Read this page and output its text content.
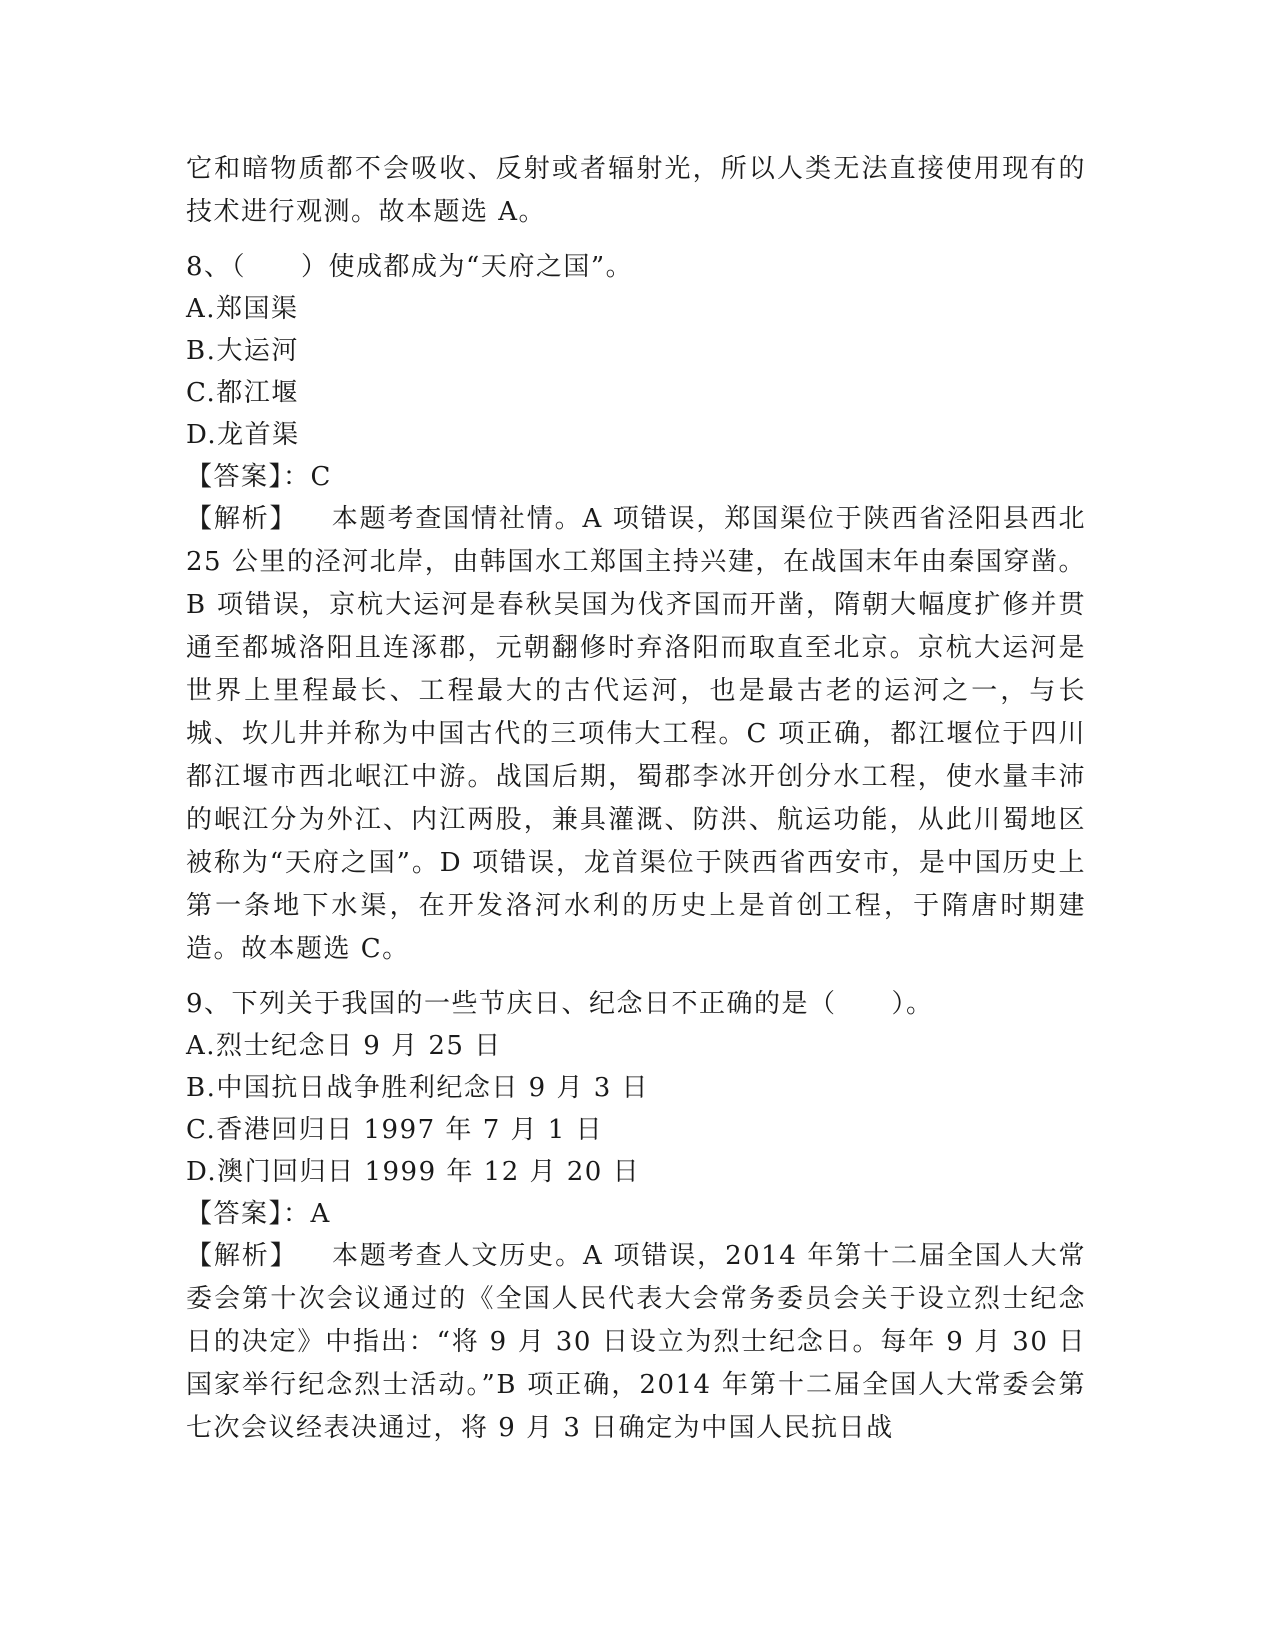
它和暗物质都不会吸收、反射或者辐射光，所以人类无法直接使用现有的技术进行观测。故本题选 A。

8、（　　）使成都成为“天府之国”。

A.郑国渠

B.大运河

C.都江堰

D.龙首渠

【答案】：C

【解析】 本题考查国情社情。A 项错误，郑国渠位于陕西省泾阳县西北 25 公里的泾河北岸，由韩国水工郑国主持兴建，在战国末年由秦国穿凿。B 项错误，京杭大运河是春秋吴国为伐齐国而开凿，隋朝大幅度扩修并贯通至都城洛阳且连涿郡，元朝翻修时弃洛阳而取直至北京。京杭大运河是世界上里程最长、工程最大的古代运河，也是最古老的运河之一，与长城、坎儿井并称为中国古代的三项伟大工程。C 项正确，都江堰位于四川都江堰市西北岷江中游。战国后期，蜀郡李冰开创分水工程，使水量丰沛的岷江分为外江、内江两股，兼具灌溉、防洪、航运功能，从此川蜀地区被称为“天府之国”。D 项错误，龙首渠位于陕西省西安市，是中国历史上第一条地下水渠，在开发洛河水利的历史上是首创工程，于隋唐时期建造。故本题选 C。

9、下列关于我国的一些节庆日、纪念日不正确的是（　　）。

A.烈士纪念日 9 月 25 日

B.中国抗日战争胜利纪念日 9 月 3 日

C.香港回归日 1997 年 7 月 1 日

D.澳门回归日 1999 年 12 月 20 日

【答案】：A

【解析】 本题考查人文历史。A 项错误，2014 年第十二届全国人大常委会第十次会议通过的《全国人民代表大会常务委员会关于设立烈士纪念日的决定》中指出：“将 9 月 30 日设立为烈士纪念日。每年 9 月 30 日国家举行纪念烈士活动。”B 项正确，2014 年第十二届全国人大常委会第七次会议经表决通过，将 9 月 3 日确定为中国人民抗日战
